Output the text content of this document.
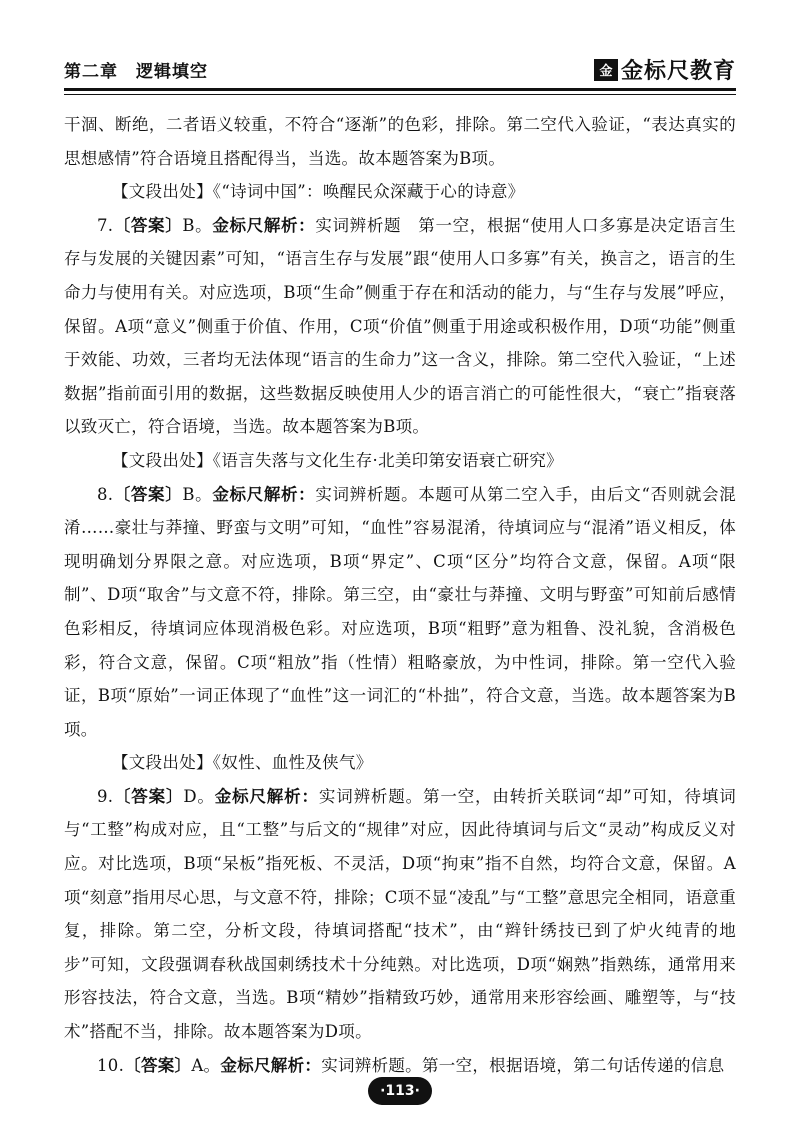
第二章　逻辑填空	金 金标尺教育

干涸、断绝，二者语义较重，不符合“逐渐”的色彩，排除。第二空代入验证，“表达真实的思想感情”符合语境且搭配得当，当选。故本题答案为B项。

【文段出处】《“诗词中国”：唤醒民众深藏于心的诗意》

7.〔答案〕B。金标尺解析：实词辨析题　第一空，根据“使用人口多寡是决定语言生存与发展的关键因素”可知，“语言生存与发展”跟“使用人口多寡”有关，换言之，语言的生命力与使用有关。对应选项，B项“生命”侧重于存在和活动的能力，与“生存与发展”呼应，保留。A项“意义”侧重于价值、作用，C项“价值”侧重于用途或积极作用，D项“功能”侧重于效能、功效，三者均无法体现“语言的生命力”这一含义，排除。第二空代入验证，“上述数据”指前面引用的数据，这些数据反映使用人少的语言消亡的可能性很大，“衰亡”指衰落以致灭亡，符合语境，当选。故本题答案为B项。

【文段出处】《语言失落与文化生存·北美印第安语衰亡研究》

8.〔答案〕B。金标尺解析：实词辨析题。本题可从第二空入手，由后文“否则就会混淆……豪壮与莽撞、野蛮与文明”可知，“血性”容易混淆，待填词应与“混淆”语义相反，体现明确划分界限之意。对应选项，B项“界定”、C项“区分”均符合文意，保留。A项“限制”、D项“取舍”与文意不符，排除。第三空，由“豪壮与莽撞、文明与野蛮”可知前后感情色彩相反，待填词应体现消极色彩。对应选项，B项“粗野”意为粗鲁、没礼貌，含消极色彩，符合文意，保留。C项“粗放”指（性情）粗略豪放，为中性词，排除。第一空代入验证，B项“原始”一词正体现了“血性”这一词汇的“朴拙”，符合文意，当选。故本题答案为B项。

【文段出处】《奴性、血性及侠气》

9.〔答案〕D。金标尺解析：实词辨析题。第一空，由转折关联词“却”可知，待填词与“工整”构成对应，且“工整”与后文的“规律”对应，因此待填词与后文“灵动”构成反义对应。对比选项，B项“呆板”指死板、不灵活，D项“拘束”指不自然，均符合文意，保留。A项“刻意”指用尽心思，与文意不符，排除；C项不显“凌乱”与“工整”意思完全相同，语意重复，排除。第二空，分析文段，待填词搭配“技术”，由“辫针绣技已到了炉火纯青的地步”可知，文段强调春秋战国刺绣技术十分纯熟。对比选项，D项“娴熟”指熟练，通常用来形容技法，符合文意，当选。B项“精妙”指精致巧妙，通常用来形容绘画、雕塑等，与“技术”搭配不当，排除。故本题答案为D项。

10.〔答案〕A。金标尺解析：实词辨析题。第一空，根据语境，第二句话传递的信息

·113·
